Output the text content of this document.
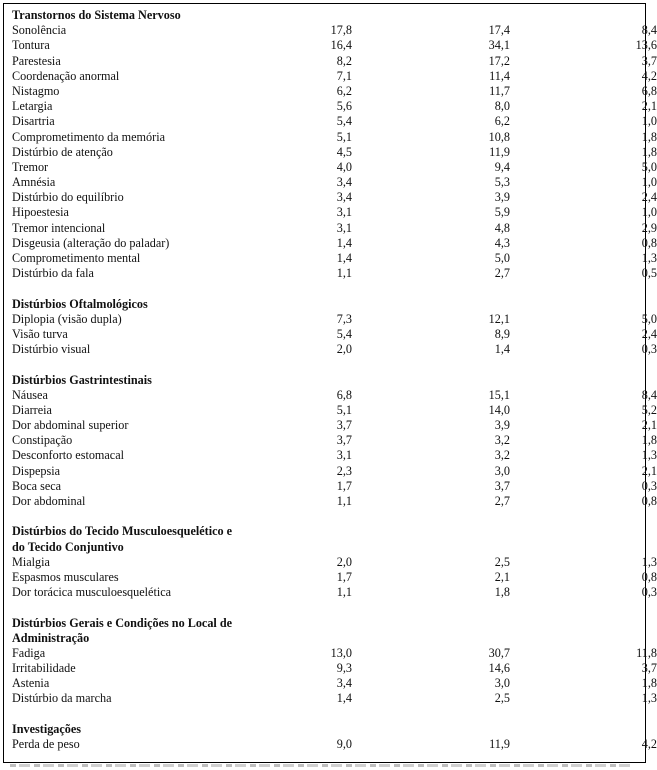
Transtornos do Sistema Nervoso
Sonolência	17,8	17,4	8,4
Tontura	16,4	34,1	13,6
Parestesia	8,2	17,2	3,7
Coordenação anormal	7,1	11,4	4,2
Nistagmo	6,2	11,7	6,8
Letargia	5,6	8,0	2,1
Disartria	5,4	6,2	1,0
Comprometimento da memória	5,1	10,8	1,8
Distúrbio de atenção	4,5	11,9	1,8
Tremor	4,0	9,4	5,0
Amnésia	3,4	5,3	1,0
Distúrbio do equilíbrio	3,4	3,9	2,4
Hipoestesia	3,1	5,9	1,0
Tremor intencional	3,1	4,8	2,9
Disgeusia (alteração do paladar)	1,4	4,3	0,8
Comprometimento mental	1,4	5,0	1,3
Distúrbio da fala	1,1	2,7	0,5
Distúrbios Oftalmológicos
Diplopia (visão dupla)	7,3	12,1	5,0
Visão turva	5,4	8,9	2,4
Distúrbio visual	2,0	1,4	0,3
Distúrbios Gastrintestinais
Náusea	6,8	15,1	8,4
Diarreia	5,1	14,0	5,2
Dor abdominal superior	3,7	3,9	2,1
Constipação	3,7	3,2	1,8
Desconforto estomacal	3,1	3,2	1,3
Dispepsia	2,3	3,0	2,1
Boca seca	1,7	3,7	0,3
Dor abdominal	1,1	2,7	0,8
Distúrbios do Tecido Musculoesquelético e
do Tecido Conjuntivo
Mialgia	2,0	2,5	1,3
Espasmos musculares	1,7	2,1	0,8
Dor torácica musculoesquelética	1,1	1,8	0,3
Distúrbios Gerais e Condições no Local de
Administração
Fadiga	13,0	30,7	11,8
Irritabilidade	9,3	14,6	3,7
Astenia	3,4	3,0	1,8
Distúrbio da marcha	1,4	2,5	1,3
Investigações
Perda de peso	9,0	11,9	4,2
